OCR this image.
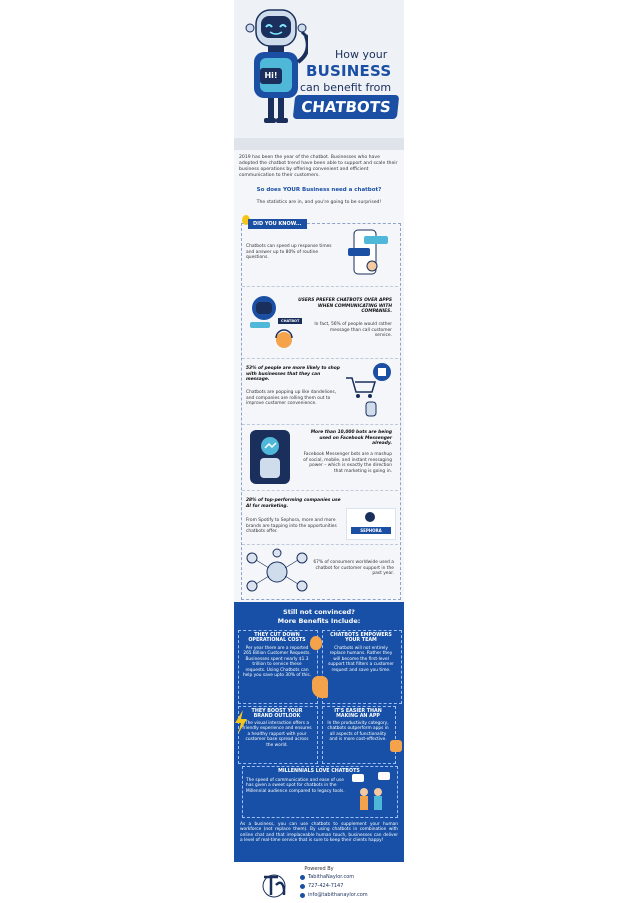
Hi!
How your
BUSINESS
can benefit from
CHATBOTS
2019 has been the year of the chatbot. Businesses who have adopted the chatbot trend have been able to support and scale their business operations by offering convenient and efficient communication to their customers.
So does YOUR Business need a chatbot?
The statistics are in, and you're going to be surprised!
DID YOU KNOW...
Chatbots can speed up response times and answer up to 80% of routine questions.
CHATBOT
USERS PREFER CHATBOTS OVER APPS WHEN COMMUNICATING WITH COMPANIES.
In fact, 56% of people would rather message than call customer service.
53% of people are more likely to shop with businesses that they can message.
Chatbots are popping up like dandelions, and companies are rolling them out to improve customer convenience.
More than 10,000 bots are being used on Facebook Messenger already.
Facebook Messenger bots are a mashup of social, mobile, and instant messaging power – which is exactly the direction that marketing is going in.
28% of top-performing companies use AI for marketing.
From Spotify to Sephora, more and more brands are tapping into the opportunities chatbots offer.	SEPHORA
67% of consumers worldwide used a chatbot for customer support in the past year.
Still not convinced?
More Benefits Include:
THEY CUT DOWN OPERATIONAL COSTS
Per year there are a reported 265 Billion Customer Requests. Businesses spent nearly $1.3 trillion to service these requests. Using Chatbots can help you save upto 30% of this.
CHATBOTS EMPOWERS YOUR TEAM
Chatbots will not entirely replace humans. Rather they will become the first-level support that filters a customer request and save you time.
THEY BOOST YOUR BRAND OUTLOOK
The visual interaction offers a friendly experience and ensures a healthy rapport with your customer base spread across the world.
IT'S EASIER THAN MAKING AN APP
In the productivity category, chatbots outperform apps in all aspects of functionality and is more cost-effective.
MILLENNIALS LOVE CHATBOTS
The speed of communication and ease of use has given a sweet spot for chatbots in the Millennial audience compared to legacy tools.
As a business, you can use chatbots to supplement your human workforce (not replace them). By using chatbots in combination with online chat and that irreplaceable human touch, businesses can deliver a level of real-time service that is sure to keep their clients happy!
Powered By
TabithaNaylor.com
727-424-7147
info@tabithanaylor.com
